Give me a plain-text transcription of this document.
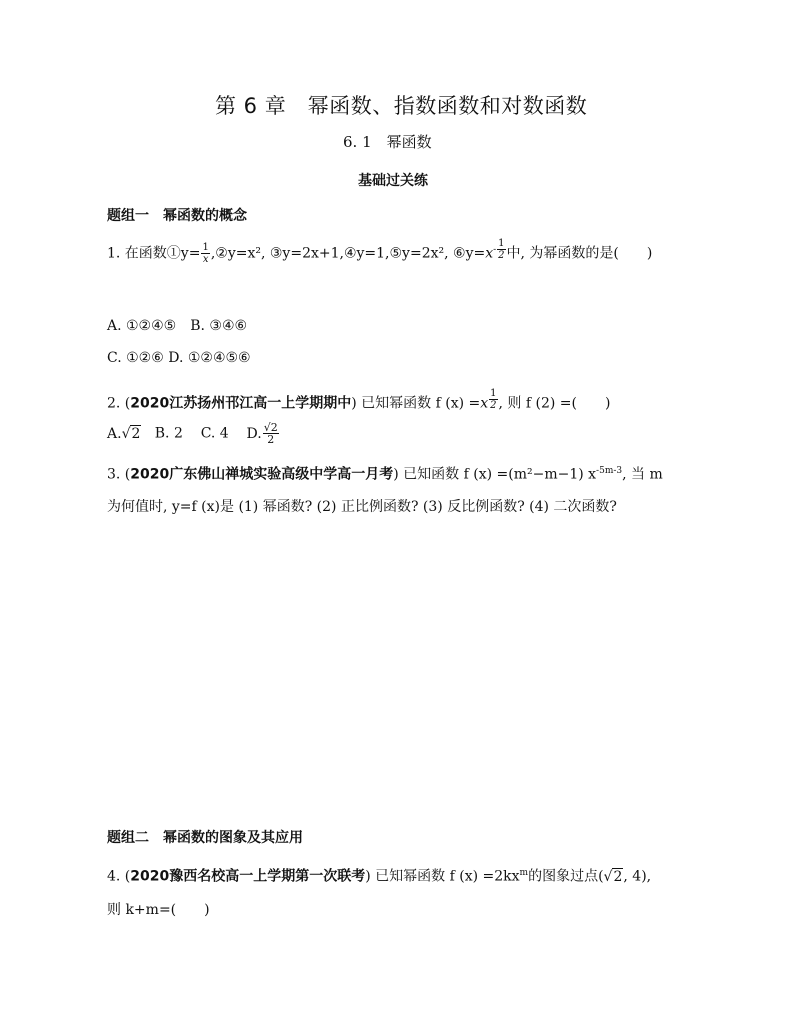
第 6 章　幂函数、指数函数和对数函数
6. 1　幂函数
基础过关练
题组一　幂函数的概念
1. 在函数①y= $\frac{1}{x}$ ,②y=x², ③y=2x+1,④y=1,⑤y=2x², $⑥y=x^{- \frac{1}{2}}$ 中, 为幂函数的是(　　)
A. ①②④⑤　B. ③④⑥
C. ①②⑥ D. ①②④⑤⑥
2. (2020江苏扬州邗江高一上学期期中) 已知幂函数 f (x) =x $^{\frac{1}{2}}$ , 则 f (2) =(　　)
A.√2 B. 2 C. 4 D. $\frac{√2}{2}$
3. (2020广东佛山禅城实验高级中学高一月考) 已知函数 f (x) =(m²−m−1) $x^{-5m-3}$, 当 m
为何值时, y=f (x)是 (1) 幂函数? (2) 正比例函数? (3) 反比例函数? (4) 二次函数?
题组二　幂函数的图象及其应用
4. (2020豫西名校高一上学期第一次联考) 已知幂函数 f $(x) =2kx^m$的图象过点(√2, 4),
则 k+m=(　　)
